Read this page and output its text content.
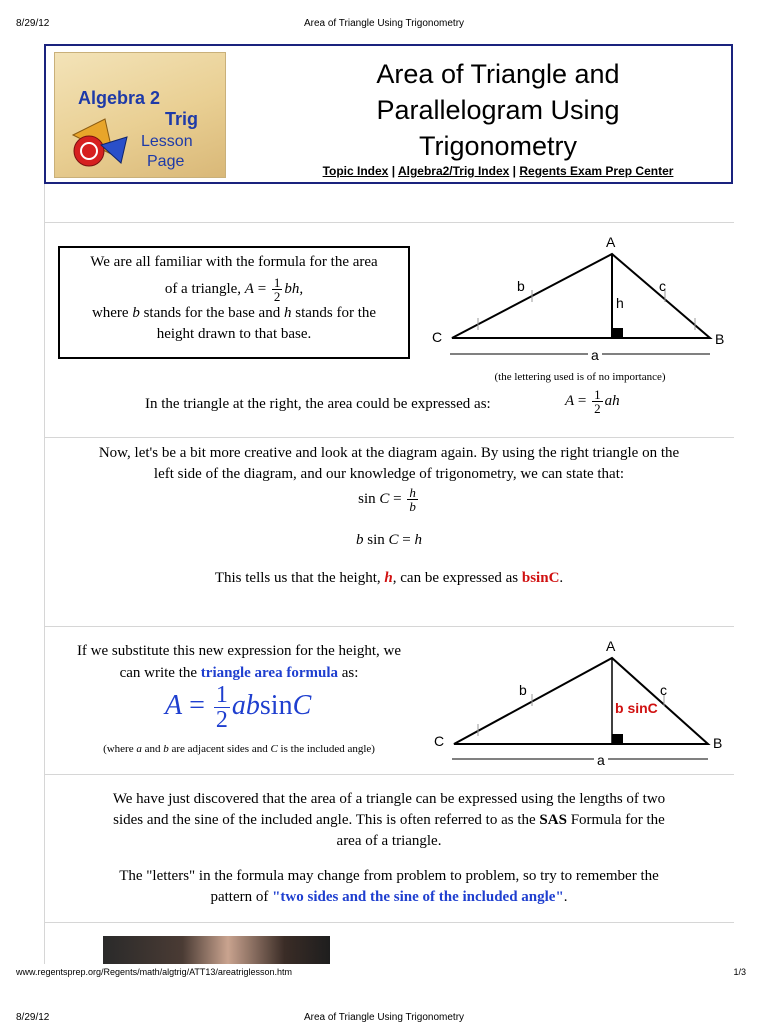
8/29/12	Area of Triangle Using Trigonometry
Algebra 2
Trig
Lesson
Page
Area of Triangle and
Parallelogram Using
Trigonometry
Topic Index | Algebra2/Trig Index | Regents Exam Prep Center
We are all familiar with the formula for the area
of a triangle, $A = \frac{1}{2}$ bh,
where b stands for the base and h stands for the
height drawn to that base.
A
B
C
b	c
h
a
(the lettering used is of no importance)
In the triangle at the right, the area could be expressed as:	$A = \frac{1}{2}$ ah
Now, let's be a bit more creative and look at the diagram again. By using the right triangle on the
left side of the diagram, and our knowledge of trigonometry, we can state that:
$\sin C = \frac{h}{b}$
b sin C = h
This tells us that the height, h, can be expressed as bsinC.
If we substitute this new expression for the height, we
can write the triangle area formula as:
$A = \frac{1}{2}$ absinC
(where a and b are adjacent sides and C is the included angle)
A
B
C
b	c
b sinC
a
We have just discovered that the area of a triangle can be expressed using the lengths of two
sides and the sine of the included angle. This is often referred to as the SAS Formula for the
area of a triangle.
The "letters" in the formula may change from problem to problem, so try to remember the
pattern of "two sides and the sine of the included angle".
www.regentsprep.org/Regents/math/algtrig/ATT13/areatriglesson.htm	1/3
8/29/12	Area of Triangle Using Trigonometry
